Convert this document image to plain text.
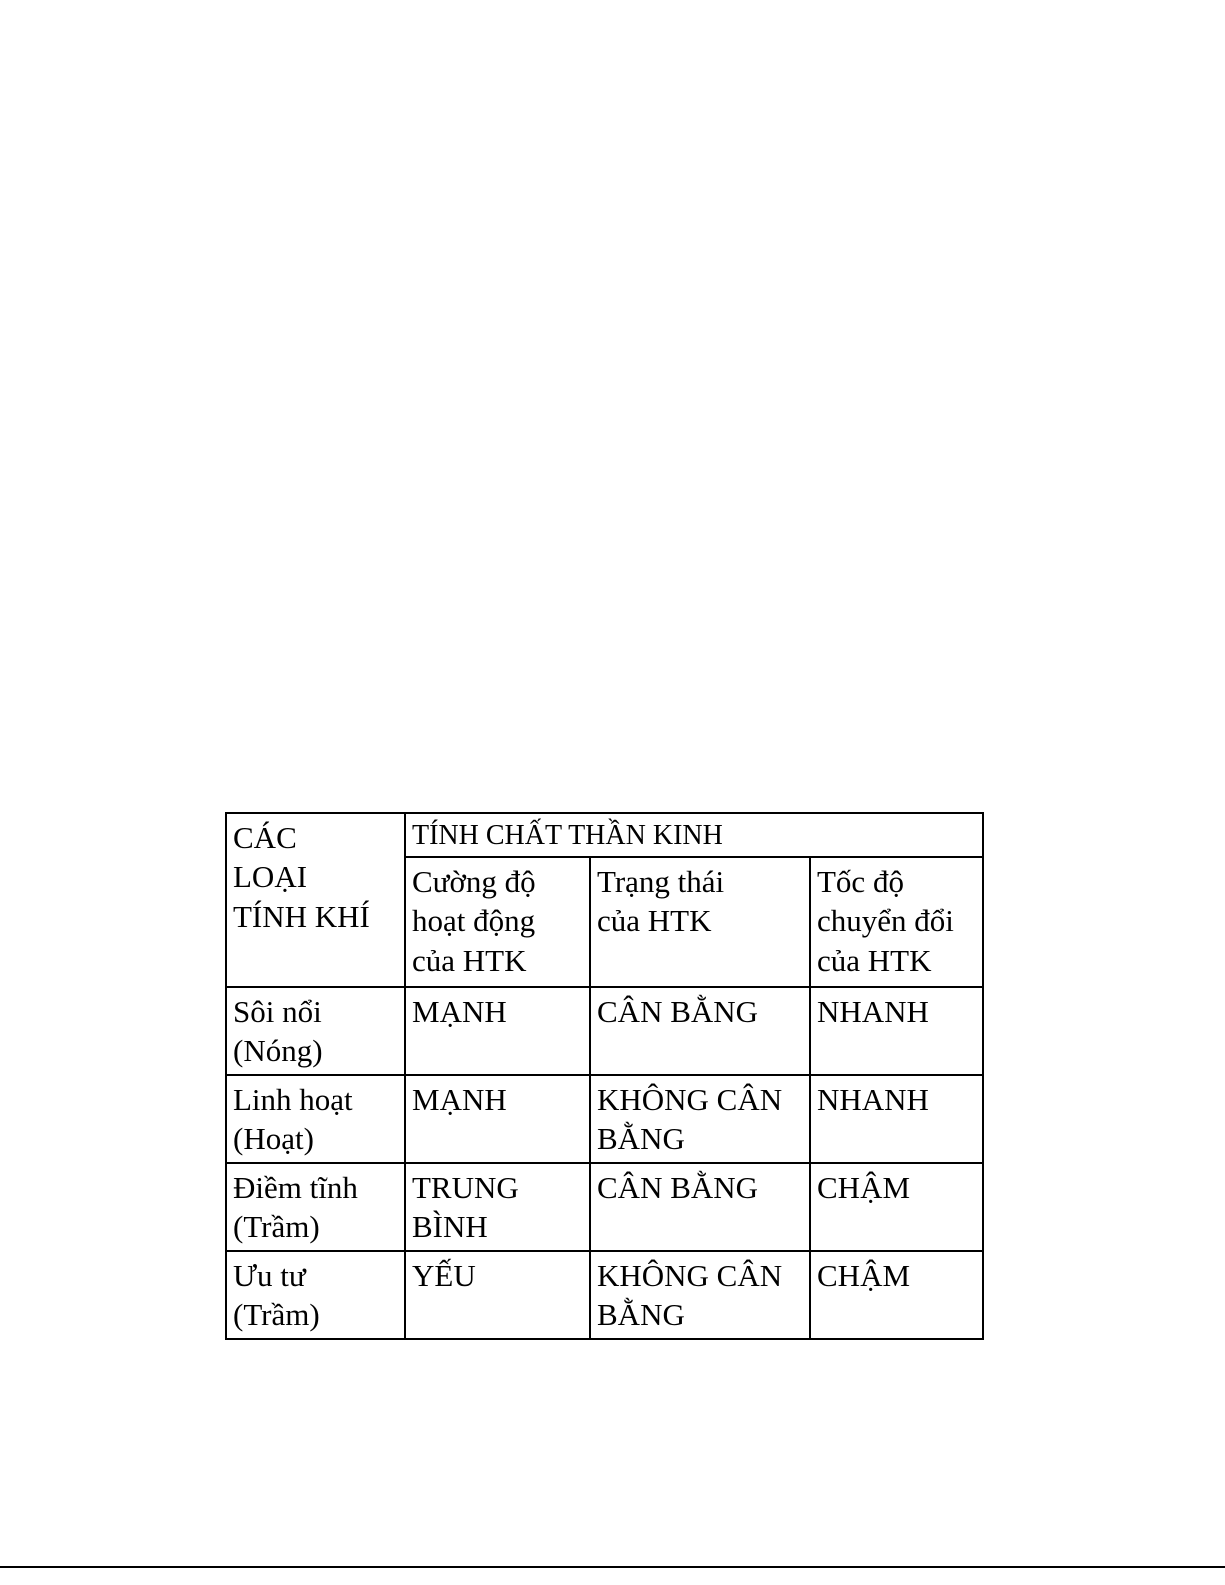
CÁC
LOẠI
TÍNH KHÍ	TÍNH CHẤT THẦN KINH		

	Cường độ
hoạt động
của HTK	Trạng thái
của HTK	Tốc độ
chuyển đổi
của HTK

Sôi nổi
(Nóng)	MẠNH	CÂN BẰNG	NHANH

Linh hoạt
(Hoạt)	MẠNH	KHÔNG CÂN
BẰNG	NHANH

Điềm tĩnh
(Trầm)	TRUNG
BÌNH	CÂN BẰNG	CHẬM

Ưu tư
(Trầm)	YẾU	KHÔNG CÂN
BẰNG	CHẬM
